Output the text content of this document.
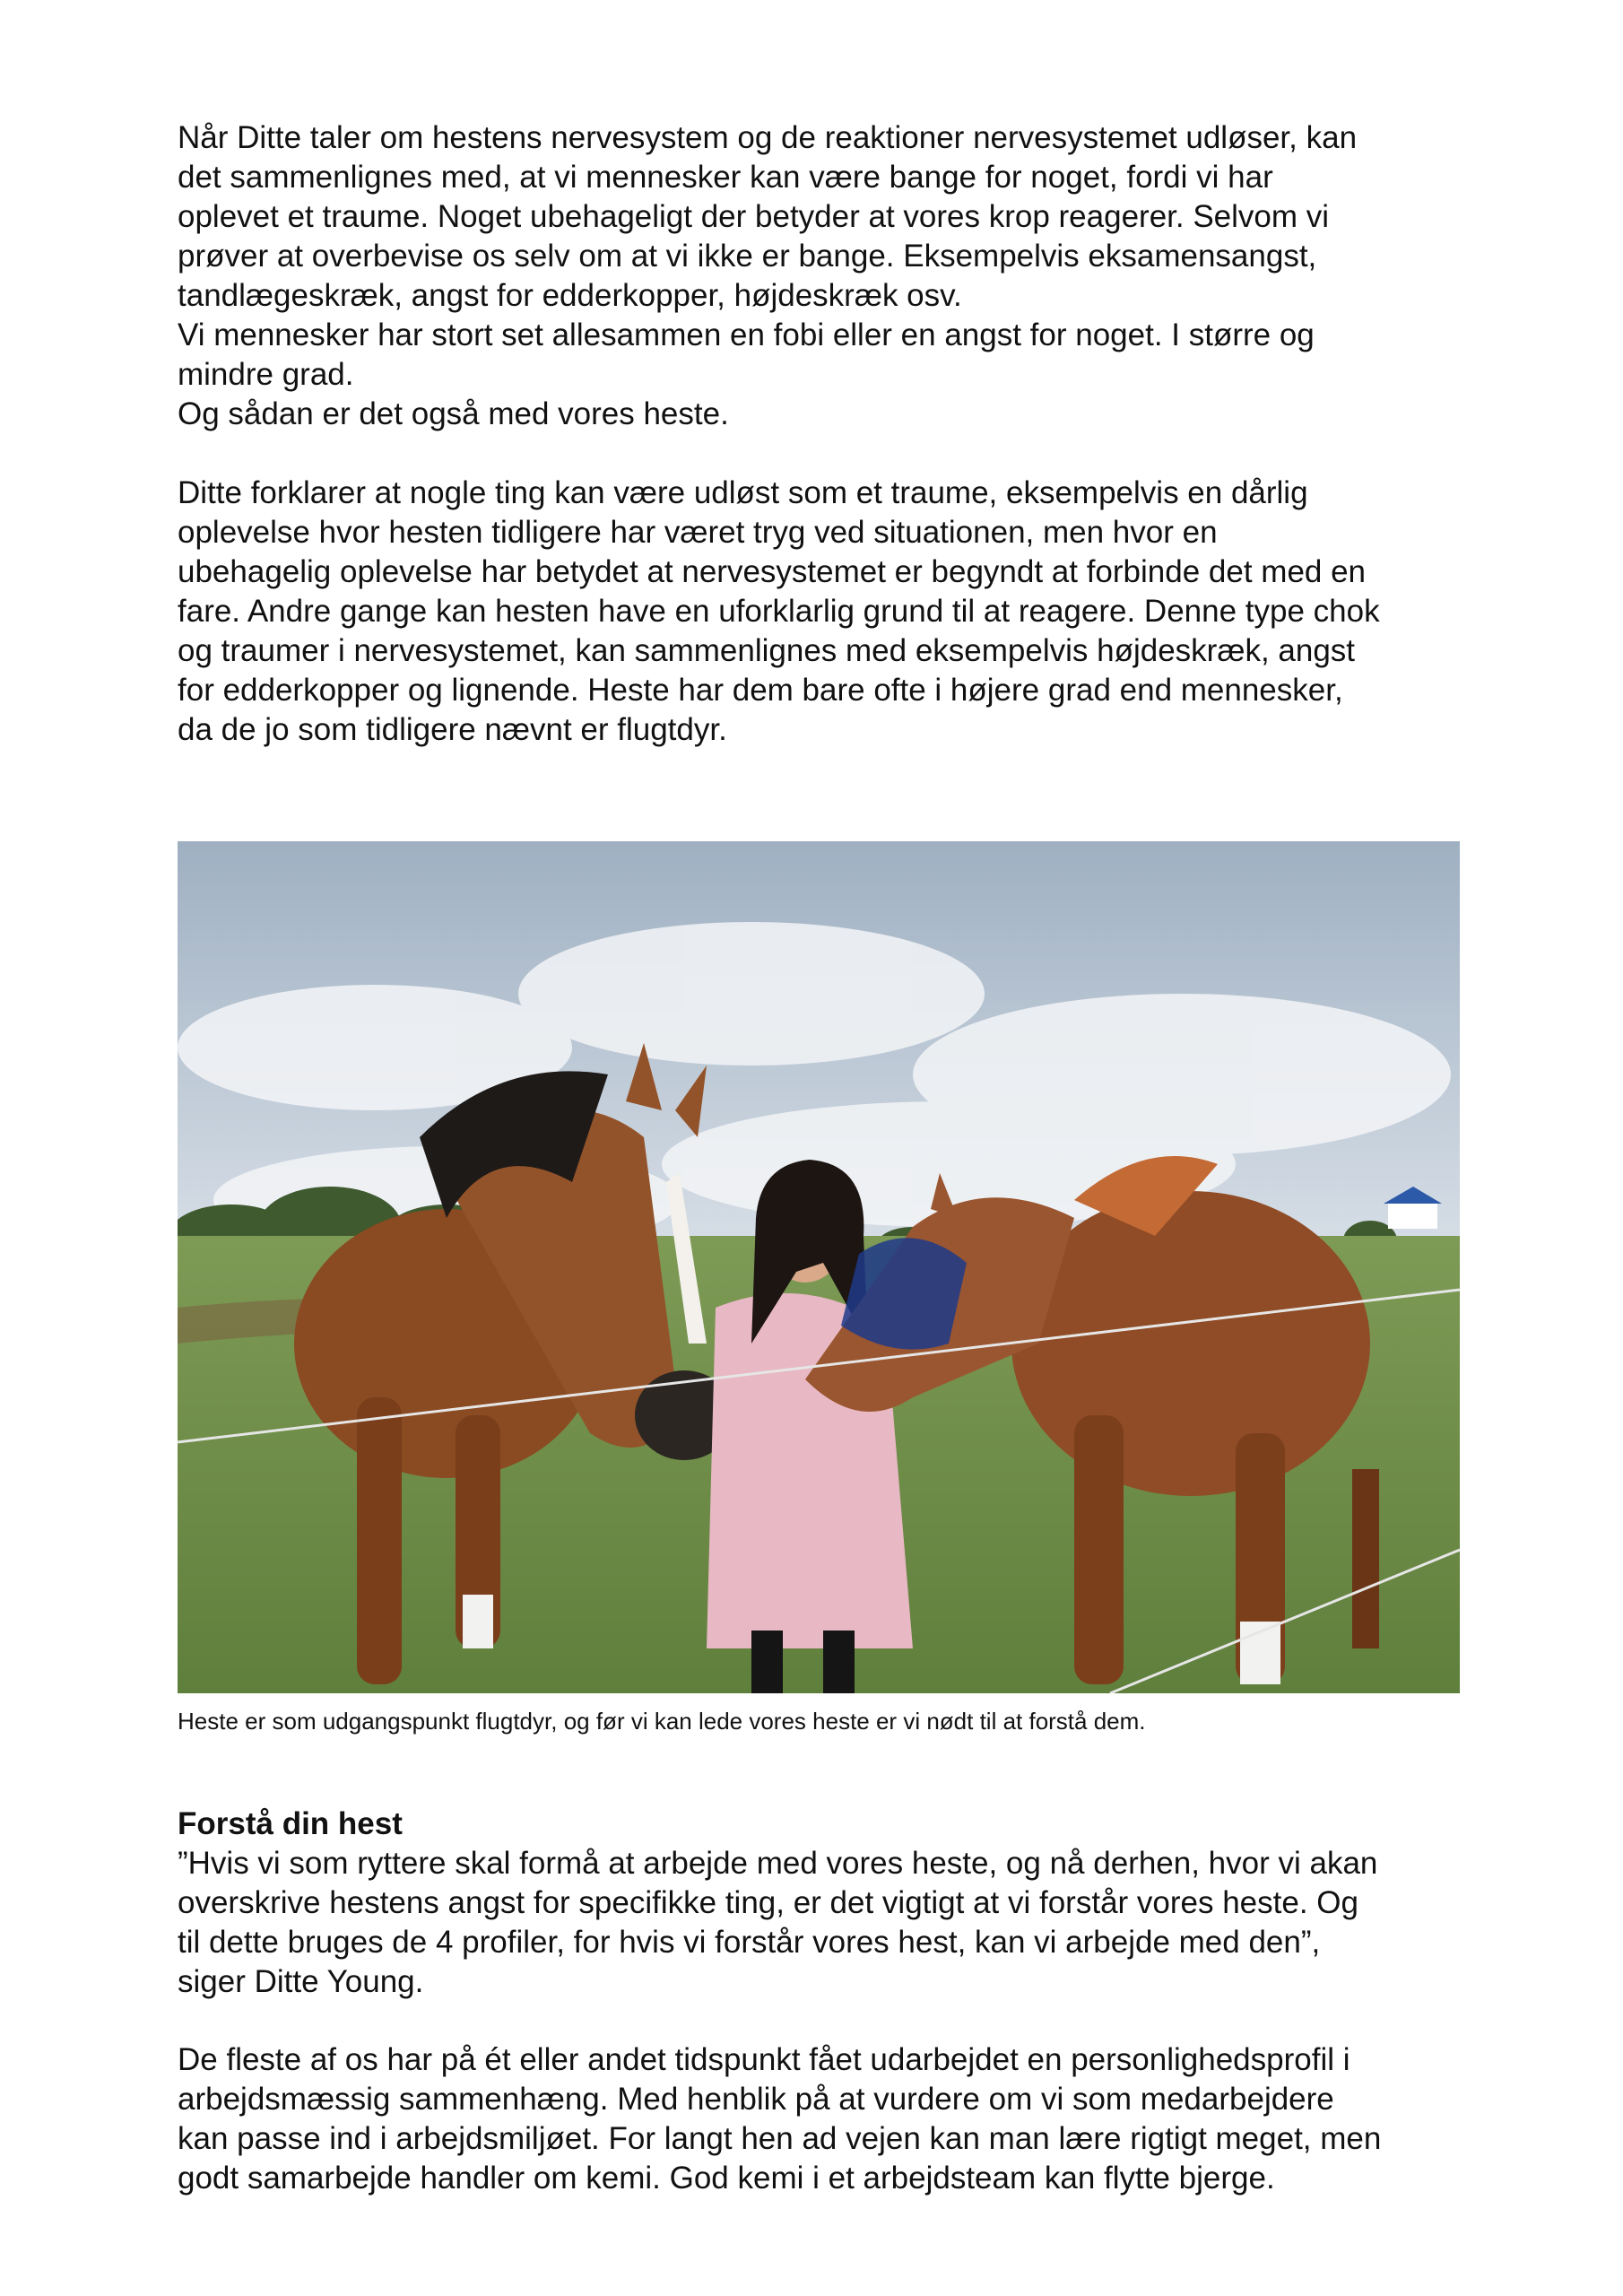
Når Ditte taler om hestens nervesystem og de reaktioner nervesystemet udløser, kan
det sammenlignes med, at vi mennesker kan være bange for noget, fordi vi har
oplevet et traume. Noget ubehageligt der betyder at vores krop reagerer. Selvom vi
prøver at overbevise os selv om at vi ikke er bange. Eksempelvis eksamensangst,
tandlægeskræk, angst for edderkopper, højdeskræk osv.
Vi mennesker har stort set allesammen en fobi eller en angst for noget. I større og
mindre grad.
Og sådan er det også med vores heste.

Ditte forklarer at nogle ting kan være udløst som et traume, eksempelvis en dårlig
oplevelse hvor hesten tidligere har været tryg ved situationen, men hvor en
ubehagelig oplevelse har betydet at nervesystemet er begyndt at forbinde det med en
fare. Andre gange kan hesten have en uforklarlig grund til at reagere. Denne type chok
og traumer i nervesystemet, kan sammenlignes med eksempelvis højdeskræk, angst
for edderkopper og lignende. Heste har dem bare ofte i højere grad end mennesker,
da de jo som tidligere nævnt er flugtdyr.

Heste er som udgangspunkt flugtdyr, og før vi kan lede vores heste er vi nødt til at forstå dem.
Forstå din hest

”Hvis vi som ryttere skal formå at arbejde med vores heste, og nå derhen, hvor vi akan
overskrive hestens angst for specifikke ting, er det vigtigt at vi forstår vores heste. Og
til dette bruges de 4 profiler, for hvis vi forstår vores hest, kan vi arbejde med den”,
siger Ditte Young.

De fleste af os har på ét eller andet tidspunkt fået udarbejdet en personlighedsprofil i
arbejdsmæssig sammenhæng. Med henblik på at vurdere om vi som medarbejdere
kan passe ind i arbejdsmiljøet. For langt hen ad vejen kan man lære rigtigt meget, men
godt samarbejde handler om kemi. God kemi i et arbejdsteam kan flytte bjerge.
